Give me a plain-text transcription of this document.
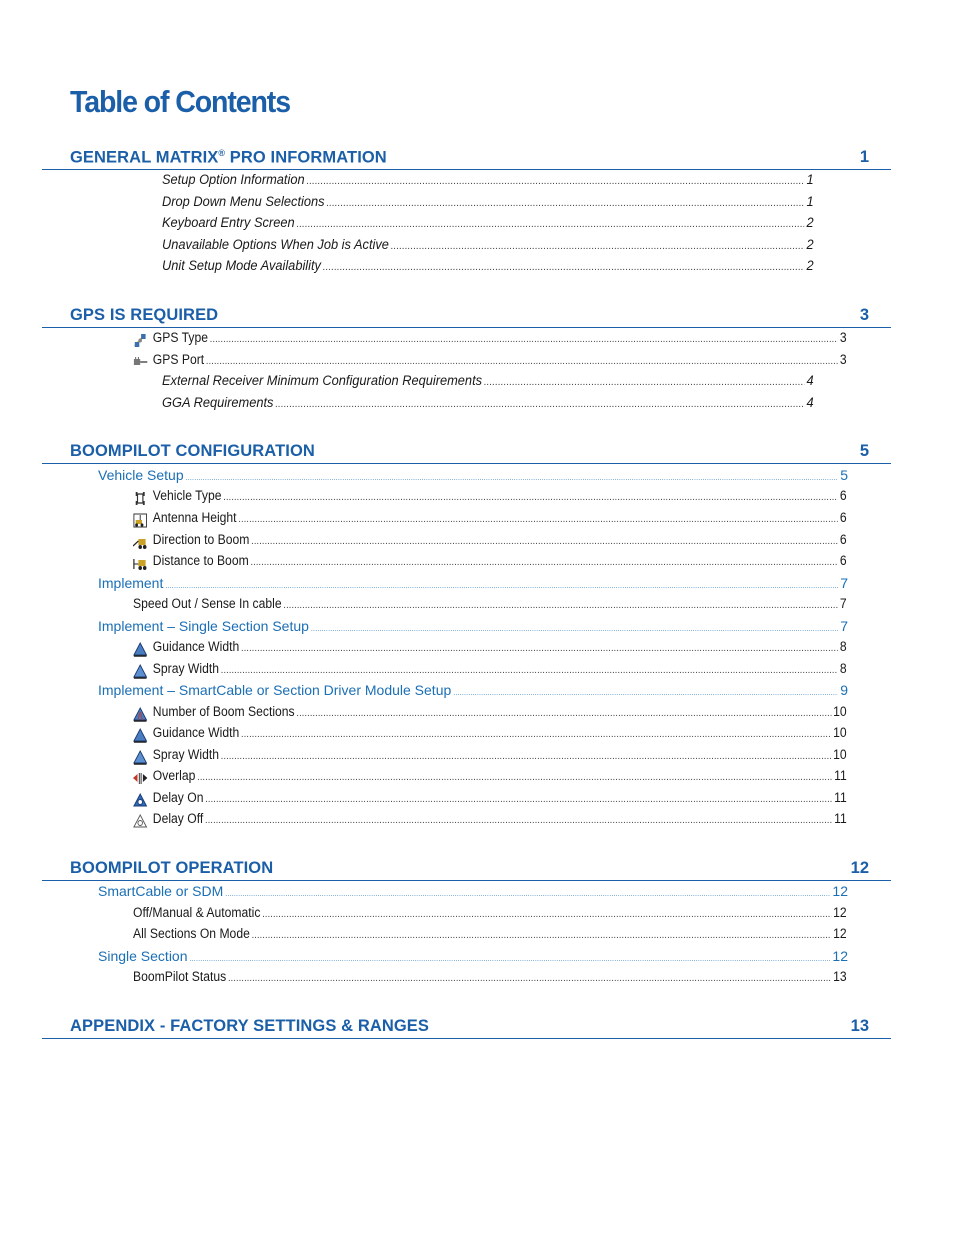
Table of Contents
GENERAL MATRIX® PRO INFORMATION	1
Setup Option Information .....	1
Drop Down Menu Selections .....	1
Keyboard Entry Screen .....	2
Unavailable Options When Job is Active .....	2
Unit Setup Mode Availability .....	2
GPS IS REQUIRED	3
GPS Type .....	3
GPS Port .....	3
External Receiver Minimum Configuration Requirements .....	4
GGA Requirements .....	4
BOOMPILOT CONFIGURATION	5
Vehicle Setup .....	5
Vehicle Type .....	6
Antenna Height .....	6
Direction to Boom .....	6
Distance to Boom .....	6
Implement .....	7
Speed Out / Sense In cable .....	7
Implement – Single Section Setup .....	7
Guidance Width .....	8
Spray Width .....	8
Implement – SmartCable or Section Driver Module Setup .....	9
Number of Boom Sections .....	10
Guidance Width .....	10
Spray Width .....	10
Overlap .....	11
Delay On .....	11
Delay Off .....	11
BOOMPILOT OPERATION	12
SmartCable or SDM .....	12
Off/Manual & Automatic .....	12
All Sections On Mode .....	12
Single Section .....	12
BoomPilot Status .....	13
APPENDIX - FACTORY SETTINGS & RANGES	13
